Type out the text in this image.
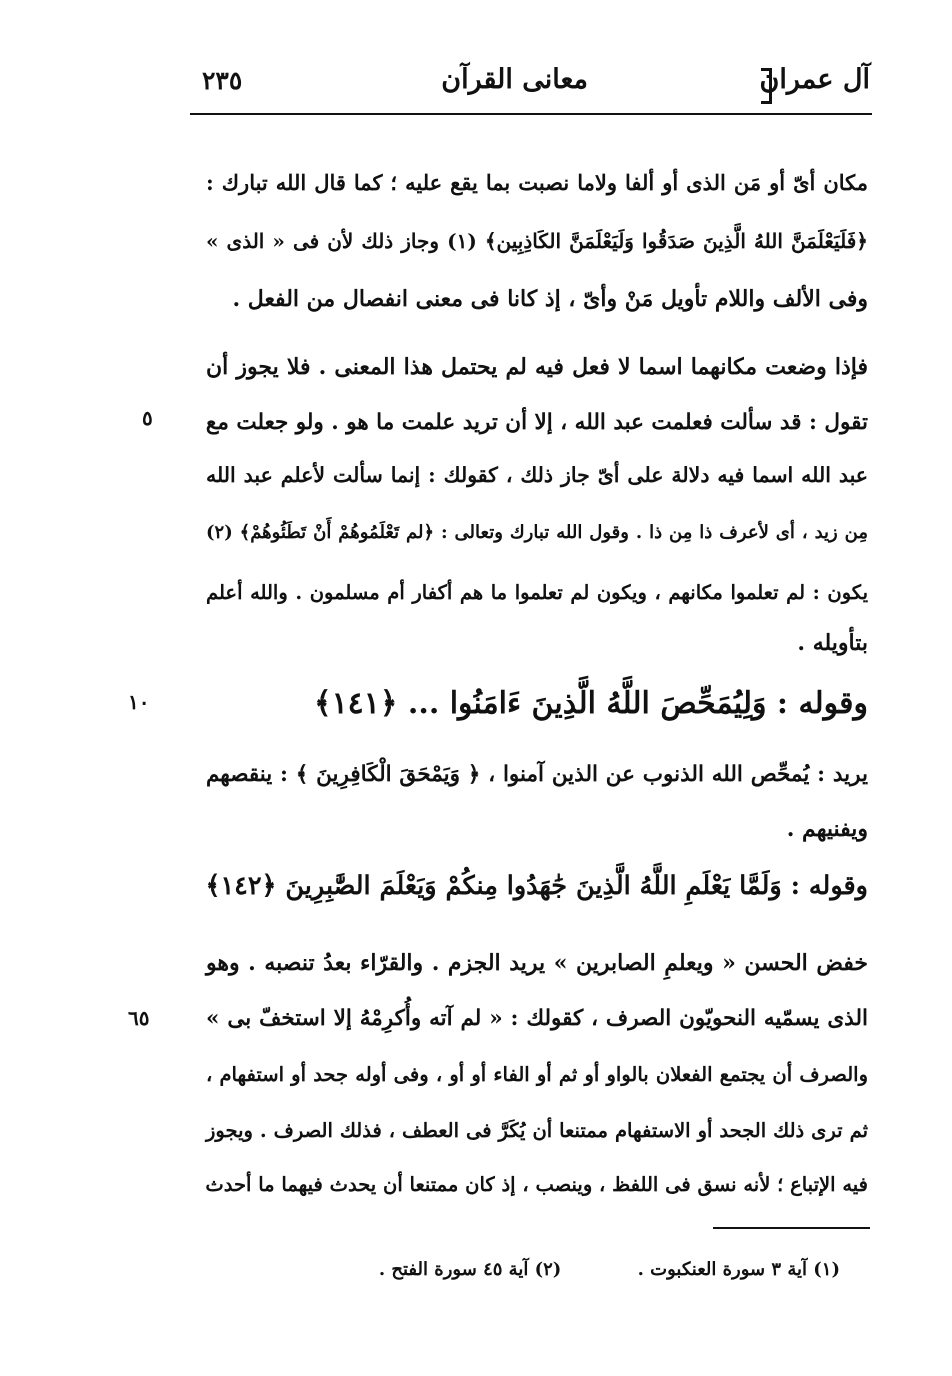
آل عمران
معانى القرآن
٢٣٥
مكان أىّ أو مَن الذى أو ألفا ولاما نصبت بما يقع عليه ؛ كما قال الله تبارك :
﴿فَلَيَعْلَمَنَّ اللهُ الَّذِينَ صَدَقُوا وَلَيَعْلَمَنَّ الكَاذِبِين﴾ (١) وجاز ذلك لأن فى « الذى »
وفى الألف واللام تأويل مَنْ وأىّ ، إذ كانا فى معنى انفصال من الفعل .
فإذا وضعت مكانهما اسما لا فعل فيه لم يحتمل هذا المعنى . فلا يجوز أن
تقول : قد سألت فعلمت عبد الله ، إلا أن تريد علمت ما هو . ولو جعلت مع
عبد الله اسما فيه دلالة على أىّ جاز ذلك ، كقولك : إنما سألت لأعلم عبد الله
مِن زيد ، أى لأعرف ذا مِن ذا . وقول الله تبارك وتعالى : ﴿لم تَعْلَمُوهُمْ أَنْ تَطَئُوهُمْ﴾ (٢)
يكون : لم تعلموا مكانهم ، ويكون لم تعلموا ما هم أكفار أم مسلمون . والله أعلم
بتأويله .
وقوله : وَلِيُمَحِّصَ اللَّهُ الَّذِينَ ءَامَنُوا ... ﴿١٤١﴾
يريد : يُمحِّص الله الذنوب عن الذين آمنوا ، ﴿ وَيَمْحَقَ الْكَافِرِينَ ﴾ : ينقصهم
ويفنيهم .
وقوله : وَلَمَّا يَعْلَمِ اللَّهُ الَّذِينَ جَٰهَدُوا مِنكُمْ وَيَعْلَمَ الصَّٰبِرِينَ ﴿١٤٢﴾
خفض الحسن « ويعلمِ الصابرين » يريد الجزم . والقرّاء بعدُ تنصبه . وهو
الذى يسمّيه النحويّون الصرف ، كقولك : « لم آته وأُكرِمْهُ إلا استخفّ بى »
والصرف أن يجتمع الفعلان بالواو أو ثم أو الفاء أو أو ، وفى أوله جحد أو استفهام ،
ثم ترى ذلك الجحد أو الاستفهام ممتنعا أن يُكَرَّ فى العطف ، فذلك الصرف . ويجوز
فيه الإتباع ؛ لأنه نسق فى اللفظ ، وينصب ، إذ كان ممتنعا أن يحدث فيهما ما أحدث
٥
١٠
٦٥
(١) آية ٣ سورة العنكبوت . (٢) آية ٤٥ سورة الفتح .
